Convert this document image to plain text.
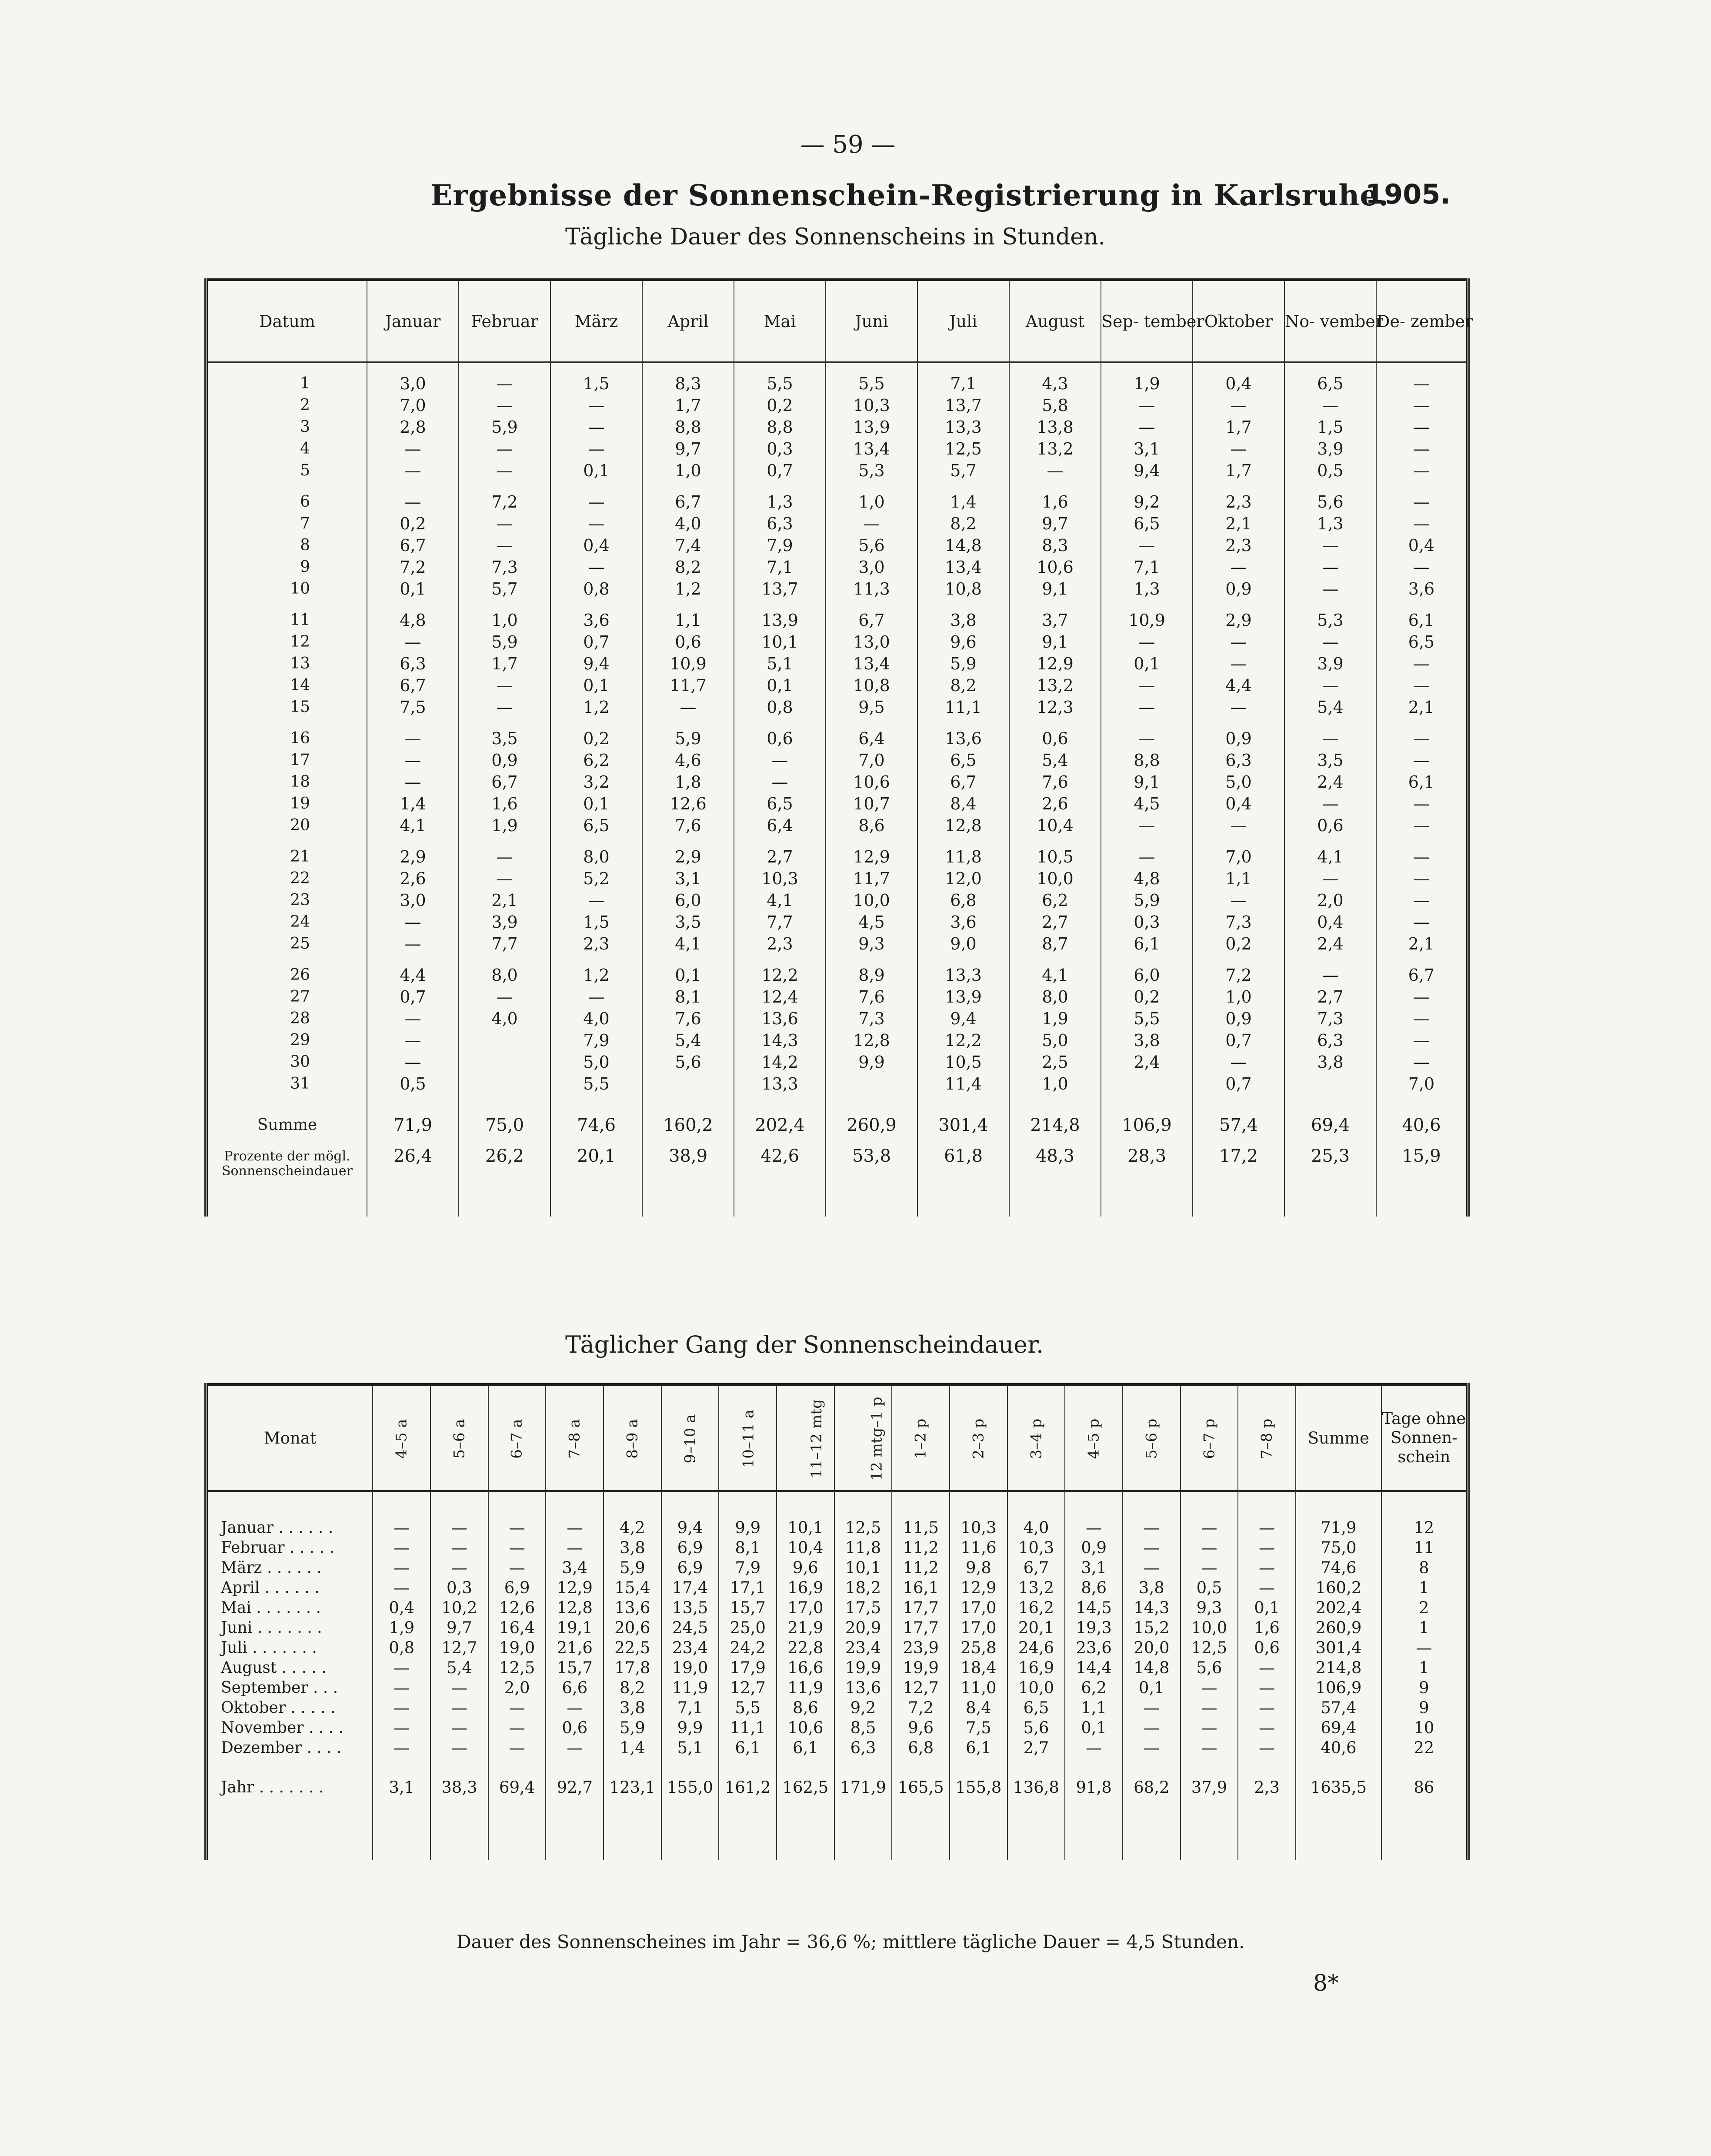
— 59 —
Ergebnisse der Sonnenschein-Registrierung in Karlsruhe.
1905.
Tägliche Dauer des Sonnenscheins in Stunden.
Datum	Januar	Februar	März	April	Mai	Juni	Juli	August	Sep- tember	Oktober	No- vember	De- zember

1	3,0	—	1,5	8,3	5,5	5,5	7,1	4,3	1,9	0,4	6,5	—
2	7,0	—	—	1,7	0,2	10,3	13,7	5,8	—	—	—	—
3	2,8	5,9	—	8,8	8,8	13,9	13,3	13,8	—	1,7	1,5	—
4	—	—	—	9,7	0,3	13,4	12,5	13,2	3,1	—	3,9	—
5	—	—	0,1	1,0	0,7	5,3	5,7	—	9,4	1,7	0,5	—

6	—	7,2	—	6,7	1,3	1,0	1,4	1,6	9,2	2,3	5,6	—
7	0,2	—	—	4,0	6,3	—	8,2	9,7	6,5	2,1	1,3	—
8	6,7	—	0,4	7,4	7,9	5,6	14,8	8,3	—	2,3	—	0,4
9	7,2	7,3	—	8,2	7,1	3,0	13,4	10,6	7,1	—	—	—
10	0,1	5,7	0,8	1,2	13,7	11,3	10,8	9,1	1,3	0,9	—	3,6

11	4,8	1,0	3,6	1,1	13,9	6,7	3,8	3,7	10,9	2,9	5,3	6,1
12	—	5,9	0,7	0,6	10,1	13,0	9,6	9,1	—	—	—	6,5
13	6,3	1,7	9,4	10,9	5,1	13,4	5,9	12,9	0,1	—	3,9	—
14	6,7	—	0,1	11,7	0,1	10,8	8,2	13,2	—	4,4	—	—
15	7,5	—	1,2	—	0,8	9,5	11,1	12,3	—	—	5,4	2,1

16	—	3,5	0,2	5,9	0,6	6,4	13,6	0,6	—	0,9	—	—
17	—	0,9	6,2	4,6	—	7,0	6,5	5,4	8,8	6,3	3,5	—
18	—	6,7	3,2	1,8	—	10,6	6,7	7,6	9,1	5,0	2,4	6,1
19	1,4	1,6	0,1	12,6	6,5	10,7	8,4	2,6	4,5	0,4	—	—
20	4,1	1,9	6,5	7,6	6,4	8,6	12,8	10,4	—	—	0,6	—

21	2,9	—	8,0	2,9	2,7	12,9	11,8	10,5	—	7,0	4,1	—
22	2,6	—	5,2	3,1	10,3	11,7	12,0	10,0	4,8	1,1	—	—
23	3,0	2,1	—	6,0	4,1	10,0	6,8	6,2	5,9	—	2,0	—
24	—	3,9	1,5	3,5	7,7	4,5	3,6	2,7	0,3	7,3	0,4	—
25	—	7,7	2,3	4,1	2,3	9,3	9,0	8,7	6,1	0,2	2,4	2,1

26	4,4	8,0	1,2	0,1	12,2	8,9	13,3	4,1	6,0	7,2	—	6,7
27	0,7	—	—	8,1	12,4	7,6	13,9	8,0	0,2	1,0	2,7	—
28	—	4,0	4,0	7,6	13,6	7,3	9,4	1,9	5,5	0,9	7,3	—
29	—		7,9	5,4	14,3	12,8	12,2	5,0	3,8	0,7	6,3	—
30	—		5,0	5,6	14,2	9,9	10,5	2,5	2,4	—	3,8	—
31	0,5		5,5		13,3		11,4	1,0		0,7		7,0

Summe	71,9	75,0	74,6	160,2	202,4	260,9	301,4	214,8	106,9	57,4	69,4	40,6
Prozente der mögl. Sonnenscheindauer	26,4	26,2	20,1	38,9	42,6	53,8	61,8	48,3	28,3	17,2	25,3	15,9
Täglicher Gang der Sonnenscheindauer.
Monat	4–5 a	5–6 a	6–7 a	7–8 a	8–9 a	9–10 a	10–11 a	11–12 mtg	12 mtg–1 p	1–2 p	2–3 p	3–4 p	4–5 p	5–6 p	6–7 p	7–8 p	Summe	Tage ohne Sonnen- schein

Januar . . . . . .	—	—	—	—	4,2	9,4	9,9	10,1	12,5	11,5	10,3	4,0	—	—	—	—	71,9	12
Februar . . . . .	—	—	—	—	3,8	6,9	8,1	10,4	11,8	11,2	11,6	10,3	0,9	—	—	—	75,0	11
März . . . . . .	—	—	—	3,4	5,9	6,9	7,9	9,6	10,1	11,2	9,8	6,7	3,1	—	—	—	74,6	8
April . . . . . .	—	0,3	6,9	12,9	15,4	17,4	17,1	16,9	18,2	16,1	12,9	13,2	8,6	3,8	0,5	—	160,2	1
Mai . . . . . . .	0,4	10,2	12,6	12,8	13,6	13,5	15,7	17,0	17,5	17,7	17,0	16,2	14,5	14,3	9,3	0,1	202,4	2
Juni . . . . . . .	1,9	9,7	16,4	19,1	20,6	24,5	25,0	21,9	20,9	17,7	17,0	20,1	19,3	15,2	10,0	1,6	260,9	1
Juli . . . . . . .	0,8	12,7	19,0	21,6	22,5	23,4	24,2	22,8	23,4	23,9	25,8	24,6	23,6	20,0	12,5	0,6	301,4	—
August . . . . .	—	5,4	12,5	15,7	17,8	19,0	17,9	16,6	19,9	19,9	18,4	16,9	14,4	14,8	5,6	—	214,8	1
September . . .	—	—	2,0	6,6	8,2	11,9	12,7	11,9	13,6	12,7	11,0	10,0	6,2	0,1	—	—	106,9	9
Oktober . . . . .	—	—	—	—	3,8	7,1	5,5	8,6	9,2	7,2	8,4	6,5	1,1	—	—	—	57,4	9
November . . . .	—	—	—	0,6	5,9	9,9	11,1	10,6	8,5	9,6	7,5	5,6	0,1	—	—	—	69,4	10
Dezember . . . .	—	—	—	—	1,4	5,1	6,1	6,1	6,3	6,8	6,1	2,7	—	—	—	—	40,6	22

Jahr . . . . . . .	3,1	38,3	69,4	92,7	123,1	155,0	161,2	162,5	171,9	165,5	155,8	136,8	91,8	68,2	37,9	2,3	1635,5	86

Dauer des Sonnenscheines im Jahr = 36,6 %; mittlere tägliche Dauer = 4,5 Stunden.
8*
